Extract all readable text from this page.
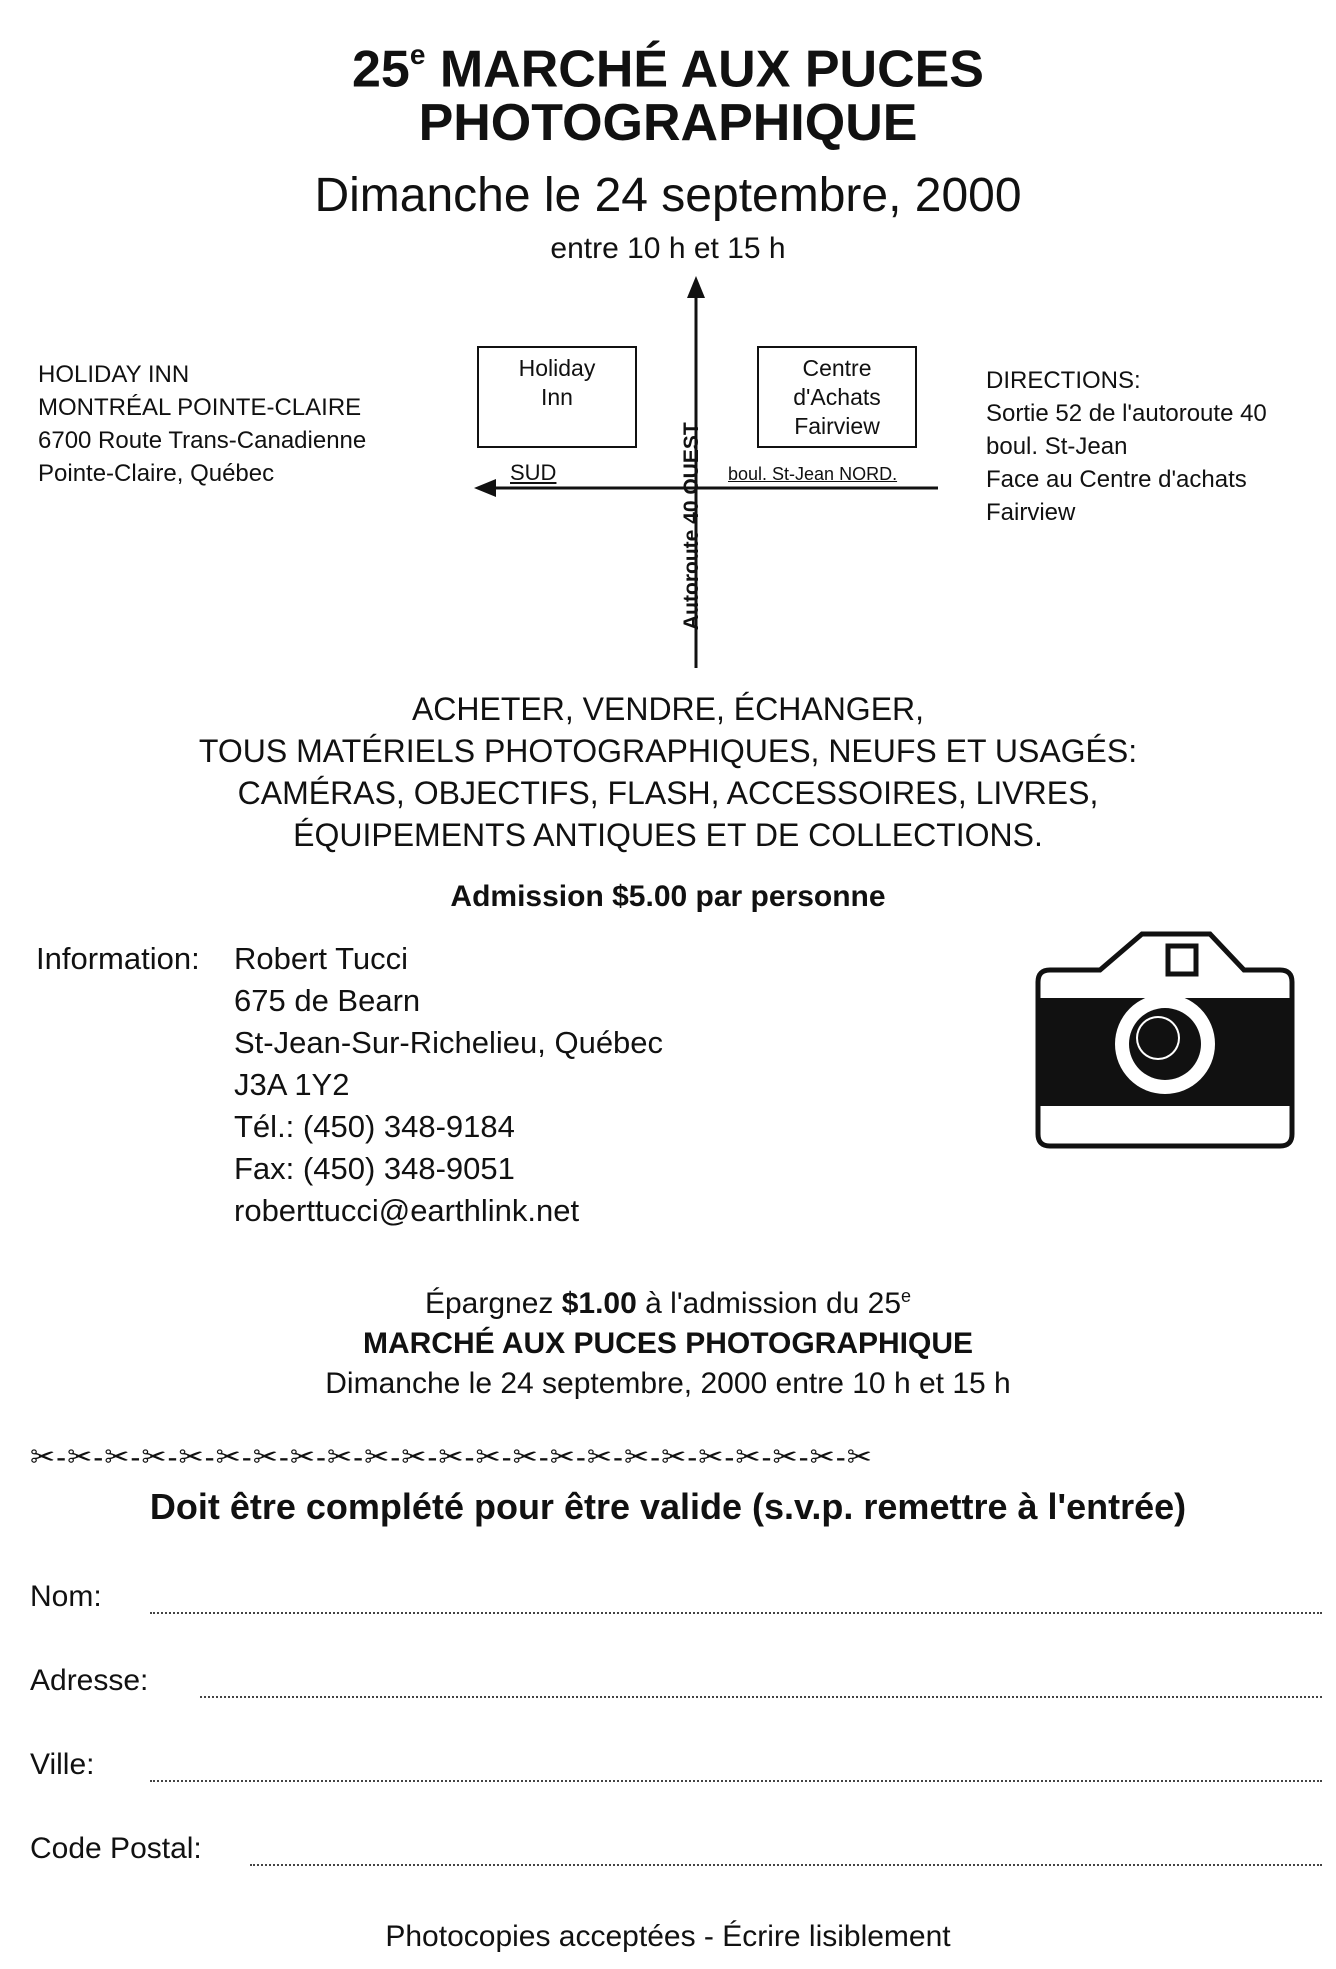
25e MARCHÉ AUX PUCES
PHOTOGRAPHIQUE
Dimanche le 24 septembre, 2000
entre 10 h et 15 h
HOLIDAY INN
MONTRÉAL POINTE-CLAIRE
6700 Route Trans-Canadienne
Pointe-Claire, Québec
Holiday
Inn
Centre
d'Achats
Fairview
SUD	boul. St-Jean NORD.
Autoroute 40 OUEST
DIRECTIONS:
Sortie 52 de l'autoroute 40
boul. St-Jean
Face au Centre d'achats
Fairview
ACHETER, VENDRE, ÉCHANGER,
TOUS MATÉRIELS PHOTOGRAPHIQUES, NEUFS ET USAGÉS:
CAMÉRAS, OBJECTIFS, FLASH, ACCESSOIRES, LIVRES,
ÉQUIPEMENTS ANTIQUES ET DE COLLECTIONS.
Admission $5.00 par personne
Information: Robert Tucci
675 de Bearn
St-Jean-Sur-Richelieu, Québec
J3A 1Y2
Tél.: (450) 348-9184
Fax: (450) 348-9051
roberttucci@earthlink.net
Épargnez $1.00 à l'admission du 25e
MARCHÉ AUX PUCES PHOTOGRAPHIQUE
Dimanche le 24 septembre, 2000 entre 10 h et 15 h
✂-✂-✂-✂-✂-✂-✂-✂-✂-✂-✂-✂-✂-✂-✂-✂-✂-✂-✂-✂-✂-✂-✂
Doit être complété pour être valide (s.v.p. remettre à l'entrée)
Nom:
Adresse:
Ville:
Code Postal:
Photocopies acceptées - Écrire lisiblement
